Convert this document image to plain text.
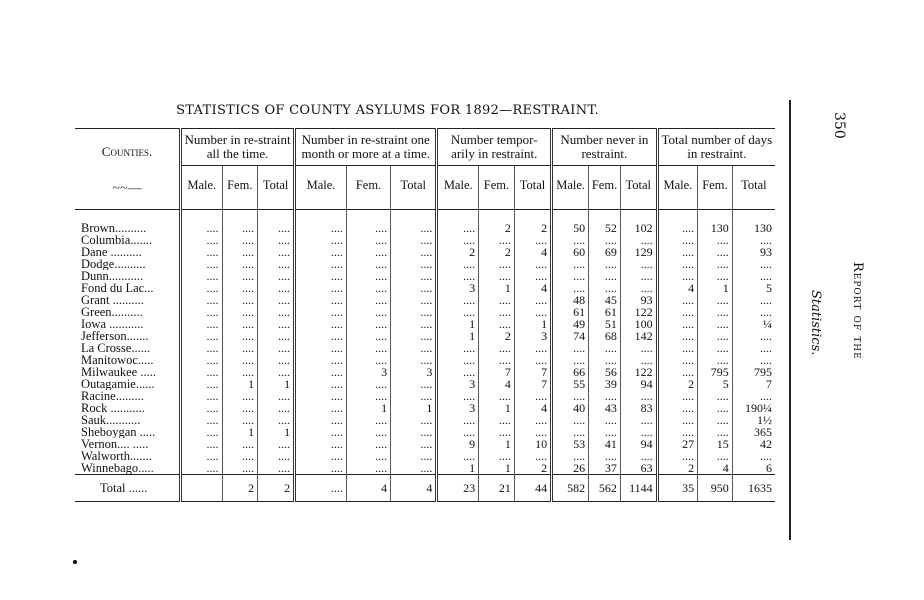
STATISTICS OF COUNTY ASYLUMS FOR 1892—RESTRAINT.
Counties.
~~—	Number in re-straint all the time.			Number in re-straint one month or more at a time.			Number tempor-arily in restraint.			Number never in restraint.			Total number of days in restraint.		
	Male.	Fem.	Total	Male.	Fem.	Total	Male.	Fem.	Total	Male.	Fem.	Total	Male.	Fem.	Total

Brown..........	....	....	....	....	....	....	....	2	2	50	52	102	....	130	130
Columbia.......	....	....	....	....	....	....	....	....	....	....	....	....	....	....	....
Dane ..........	....	....	....	....	....	....	2	2	4	60	69	129	....	....	93
Dodge..........	....	....	....	....	....	....	....	....	....	....	....	....	....	....	....
Dunn...........	....	....	....	....	....	....	....	....	....	....	....	....	....	....	....
Fond du Lac...	....	....	....	....	....	....	3	1	4	....	....	....	4	1	5
Grant ..........	....	....	....	....	....	....	....	....	....	48	45	93	....	....	....
Green..........	....	....	....	....	....	....	....	....	....	61	61	122	....	....	....
Iowa ...........	....	....	....	....	....	....	1	....	1	49	51	100	....	....	¼
Jefferson.......	....	....	....	....	....	....	1	2	3	74	68	142	....	....	....
La Crosse......	....	....	....	....	....	....	....	....	....	....	....	....	....	....	....
Manitowoc.....	....	....	....	....	....	....	....	....	....	....	....	....	....	....	....
Milwaukee .....	....	....	....	....	3	3	....	7	7	66	56	122	....	795	795
Outagamie......	....	1	1	....	....	....	3	4	7	55	39	94	2	5	7
Racine.........	....	....	....	....	....	....	....	....	....	....	....	....	....	....	....
Rock ...........	....	....	....	....	1	1	3	1	4	40	43	83	....	....	190¼
Sauk...........	....	....	....	....	....	....	....	....	....	....	....	....	....	....	1½
Sheboygan .....	....	1	1	....	....	....	....	....	....	....	....	....	....	....	365
Vernon.... .....	....	....	....	....	....	....	9	1	10	53	41	94	27	15	42
Walworth.......	....	....	....	....	....	....	....	....	....	....	....	....	....	....	....
Winnebago.....	....	....	....	....	....	....	1	1	2	26	37	63	2	4	6
Total ......		2	2	....	4	4	23	21	44	582	562	1144	35	950	1635
350
Report of the
Statistics.
